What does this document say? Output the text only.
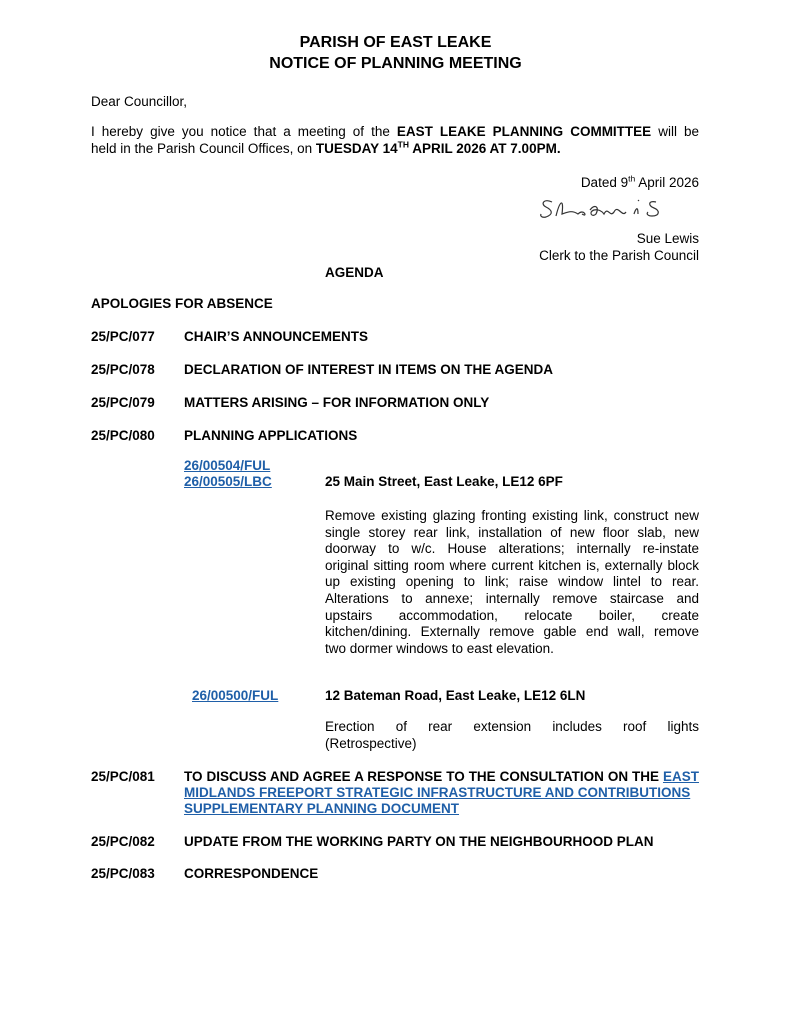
PARISH OF EAST LEAKE
NOTICE OF PLANNING MEETING
Dear Councillor,
I hereby give you notice that a meeting of the EAST LEAKE PLANNING COMMITTEE will be
held in the Parish Council Offices, on TUESDAY 14TH APRIL 2026 AT 7.00PM.
Dated 9th April 2026
Sue Lewis
Clerk to the Parish Council
AGENDA
APOLOGIES FOR ABSENCE
25/PC/077 CHAIR’S ANNOUNCEMENTS
25/PC/078 DECLARATION OF INTEREST IN ITEMS ON THE AGENDA
25/PC/079 MATTERS ARISING – FOR INFORMATION ONLY
25/PC/080 PLANNING APPLICATIONS
26/00504/FUL
26/00505/LBC	25 Main Street, East Leake, LE12 6PF
Remove existing glazing fronting existing link, construct new
single storey rear link, installation of new floor slab, new
doorway to w/c. House alterations; internally re-instate
original sitting room where current kitchen is, externally block
up existing opening to link; raise window lintel to rear.
Alterations to annexe; internally remove staircase and
upstairs accommodation, relocate boiler, create
kitchen/dining. Externally remove gable end wall, remove
two dormer windows to east elevation.
26/00500/FUL	12 Bateman Road, East Leake, LE12 6LN
Erection of rear extension includes roof lights
(Retrospective)
25/PC/081 TO DISCUSS AND AGREE A RESPONSE TO THE CONSULTATION ON THE EAST
MIDLANDS FREEPORT STRATEGIC INFRASTRUCTURE AND CONTRIBUTIONS
SUPPLEMENTARY PLANNING DOCUMENT
25/PC/082 UPDATE FROM THE WORKING PARTY ON THE NEIGHBOURHOOD PLAN
25/PC/083 CORRESPONDENCE
